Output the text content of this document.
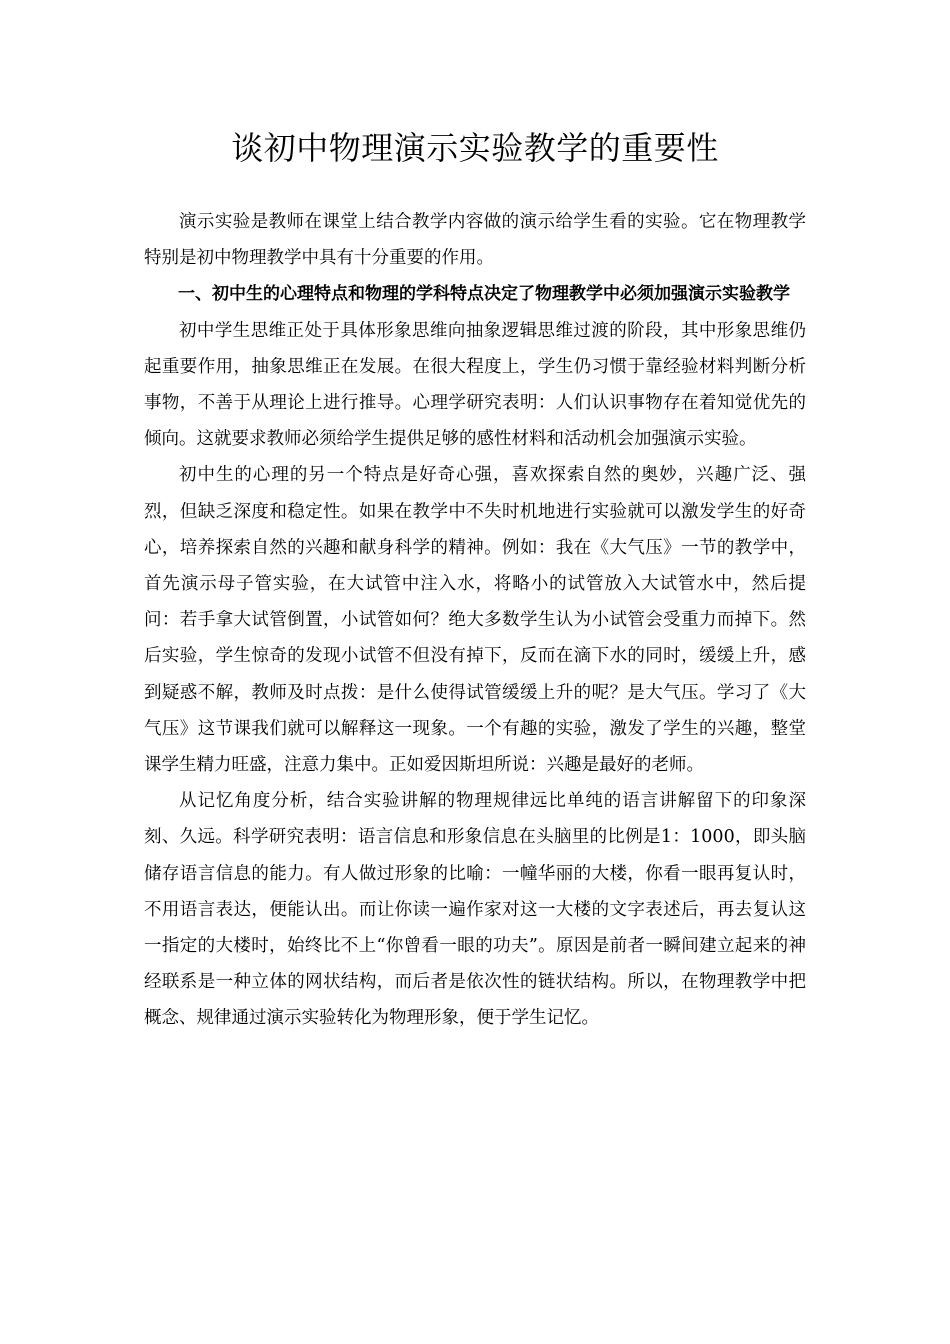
谈初中物理演示实验教学的重要性

演示实验是教师在课堂上结合教学内容做的演示给学生看的实验。它在物理教学特别是初中物理教学中具有十分重要的作用。

一、初中生的心理特点和物理的学科特点决定了物理教学中必须加强演示实验教学

初中学生思维正处于具体形象思维向抽象逻辑思维过渡的阶段，其中形象思维仍起重要作用，抽象思维正在发展。在很大程度上，学生仍习惯于靠经验材料判断分析事物，不善于从理论上进行推导。心理学研究表明：人们认识事物存在着知觉优先的倾向。这就要求教师必须给学生提供足够的感性材料和活动机会加强演示实验。

初中生的心理的另一个特点是好奇心强，喜欢探索自然的奥妙，兴趣广泛、强烈，但缺乏深度和稳定性。如果在教学中不失时机地进行实验就可以激发学生的好奇心，培养探索自然的兴趣和献身科学的精神。例如：我在《大气压》一节的教学中，首先演示母子管实验，在大试管中注入水，将略小的试管放入大试管水中，然后提问：若手拿大试管倒置，小试管如何？绝大多数学生认为小试管会受重力而掉下。然后实验，学生惊奇的发现小试管不但没有掉下，反而在滴下水的同时，缓缓上升，感到疑惑不解，教师及时点拨：是什么使得试管缓缓上升的呢？是大气压。学习了《大气压》这节课我们就可以解释这一现象。一个有趣的实验，激发了学生的兴趣，整堂课学生精力旺盛，注意力集中。正如爱因斯坦所说：兴趣是最好的老师。

从记忆角度分析，结合实验讲解的物理规律远比单纯的语言讲解留下的印象深刻、久远。科学研究表明：语言信息和形象信息在头脑里的比例是1：1000，即头脑储存语言信息的能力。有人做过形象的比喻：一幢华丽的大楼，你看一眼再复认时，不用语言表达，便能认出。而让你读一遍作家对这一大楼的文字表述后，再去复认这一指定的大楼时，始终比不上“你曾看一眼的功夫”。原因是前者一瞬间建立起来的神经联系是一种立体的网状结构，而后者是依次性的链状结构。所以，在物理教学中把概念、规律通过演示实验转化为物理形象，便于学生记忆。
